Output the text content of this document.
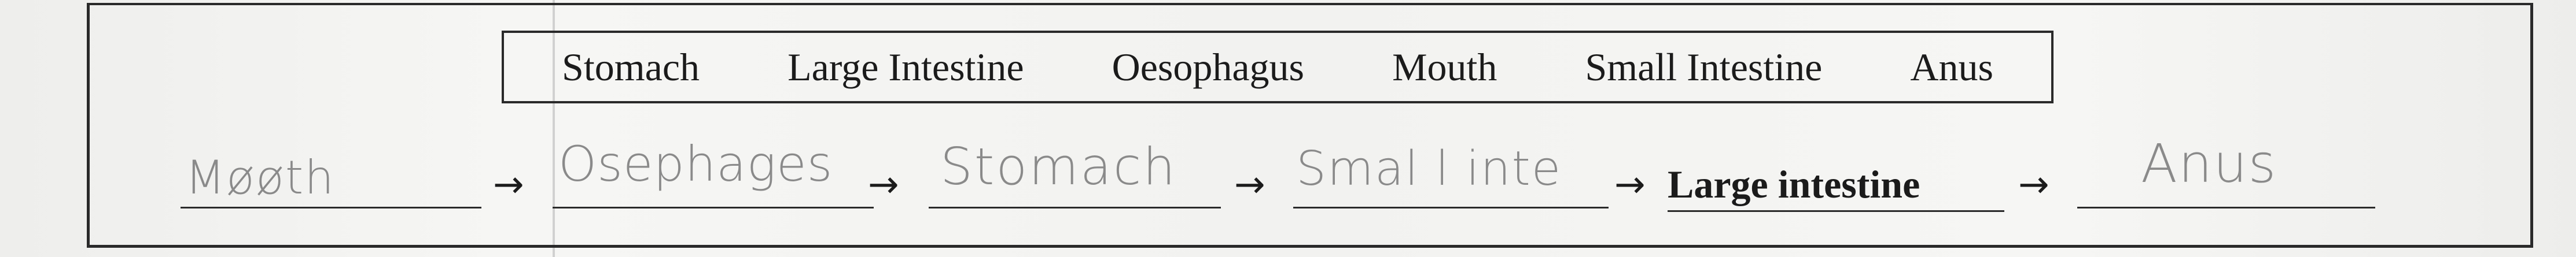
Stomach Large Intestine Oesophagus Mouth Small Intestine Anus
Møøth	→ Osephages → Stomach → Smal l inte → Large intestine	→ Anus
